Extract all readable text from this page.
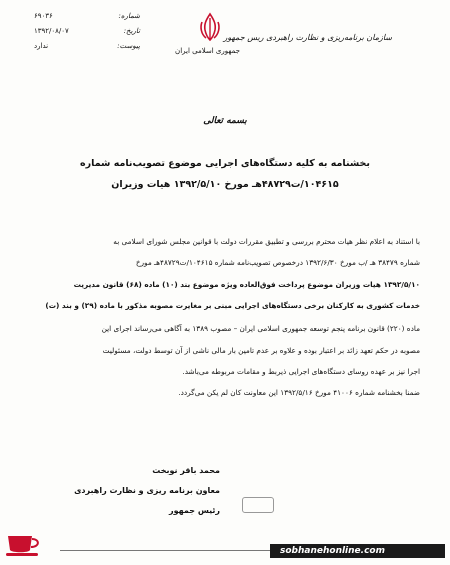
سازمان برنامه‌ریزی و نظارت راهبردی ریس جمهور
جمهوری اسلامی ایران
شماره:
۶۹۰۳۶
تاریخ:
۱۳۹۲/۰۸/۰۷
پیوست:
ندارد
بسمه تعالی
بخشنامه به کلیه دستگاه‌های اجرایی موضوع تصویب‌نامه شماره
۱۰۴۶۱۵/ت۴۸۷۲۹هـ مورخ ۱۳۹۲/۵/۱۰ هیات وزیران

با استناد به اعلام نظر هیات محترم بررسی و تطبیق مقررات دولت با قوانین مجلس شورای اسلامی به

شماره ۳۸۴۷۹ هـ /ب مورخ ۱۳۹۲/۶/۳۰ درخصوص تصویب‌نامه شماره ۱۰۴۶۱۵/ت۴۸۷۲۹هـ مورخ

۱۳۹۲/۵/۱۰ هیات وزیران موضوع پرداخت فوق‌العاده ویژه موضوع بند (۱۰) ماده (۶۸) قانون مدیریت

خدمات کشوری به کارکنان برخی دستگاه‌های اجرایی مبنی بر مغایرت مصوبه مذکور با ماده (۲۹) و بند (ت)

ماده (۲۲۰) قانون برنامه پنجم توسعه جمهوری اسلامی ایران – مصوب ۱۳۸۹ به آگاهی می‌رساند اجرای این

مصوبه در حکم تعهد زائد بر اعتبار بوده و علاوه بر عدم تامین بار مالی ناشی از آن توسط دولت، مسئولیت

اجرا نیز بر عهده روسای دستگاه‌های اجرایی ذیربط و مقامات مربوطه می‌باشد.

ضمنا بخشنامه شماره ۴۱۰۰۶ مورخ ۱۳۹۲/۵/۱۶ این معاونت کان لم یکن می‌گردد.

محمد باقر نوبخت
معاون برنامه ریزی و نظارت راهبردی
رئیس جمهور
sobhanehonline.com
